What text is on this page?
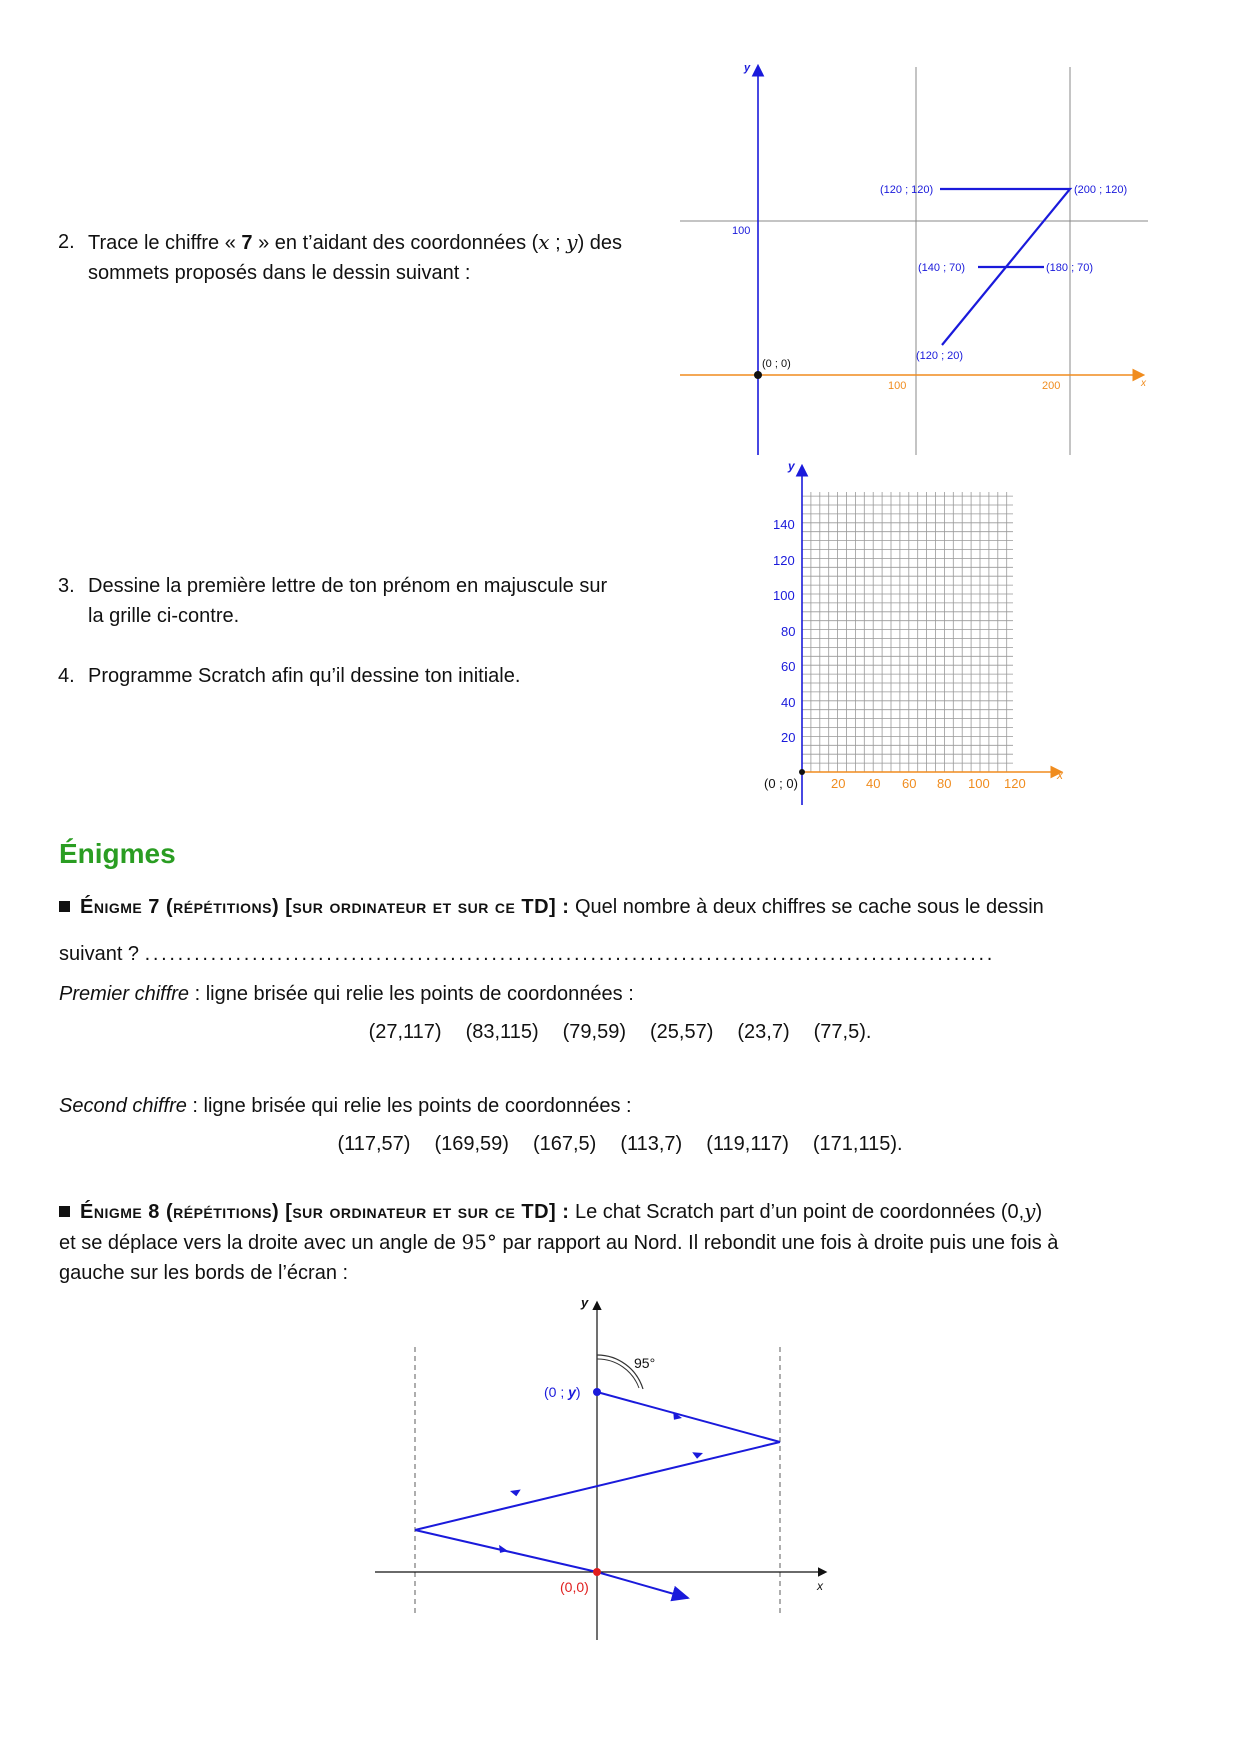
2. Trace le chiffre « 7 » en t’aidant des coordonnées (x ; y) des
sommets proposés dans le dessin suivant :
y
x
100
100	200
(0 ; 0)
(120 ; 120)	(200 ; 120)
(140 ; 70)	(180 ; 70)
(120 ; 20)
y
x
140
120
100
80
60
40
20
20 40 60 80 100 120
(0 ; 0)
3. Dessine la première lettre de ton prénom en majuscule sur
la grille ci-contre.
4. Programme Scratch afin qu’il dessine ton initiale.
Énigmes
Énigme 7 (répétitions) [sur ordinateur et sur ce TD] : Quel nombre à deux chiffres se cache sous le dessin
suivant ? .......................................................................................................
Premier chiffre : ligne brisée qui relie les points de coordonnées :
(27,117) (83,115) (79,59) (25,57) (23,7) (77,5).
Second chiffre : ligne brisée qui relie les points de coordonnées :
(117,57) (169,59) (167,5) (113,7) (119,117) (171,115).
Énigme 8 (répétitions) [sur ordinateur et sur ce TD] : Le chat Scratch part d’un point de coordonnées (0,y)
et se déplace vers la droite avec un angle de 95° par rapport au Nord. Il rebondit une fois à droite puis une fois à
gauche sur les bords de l’écran :
y
x
95°
(0 ; y)
(0,0)
